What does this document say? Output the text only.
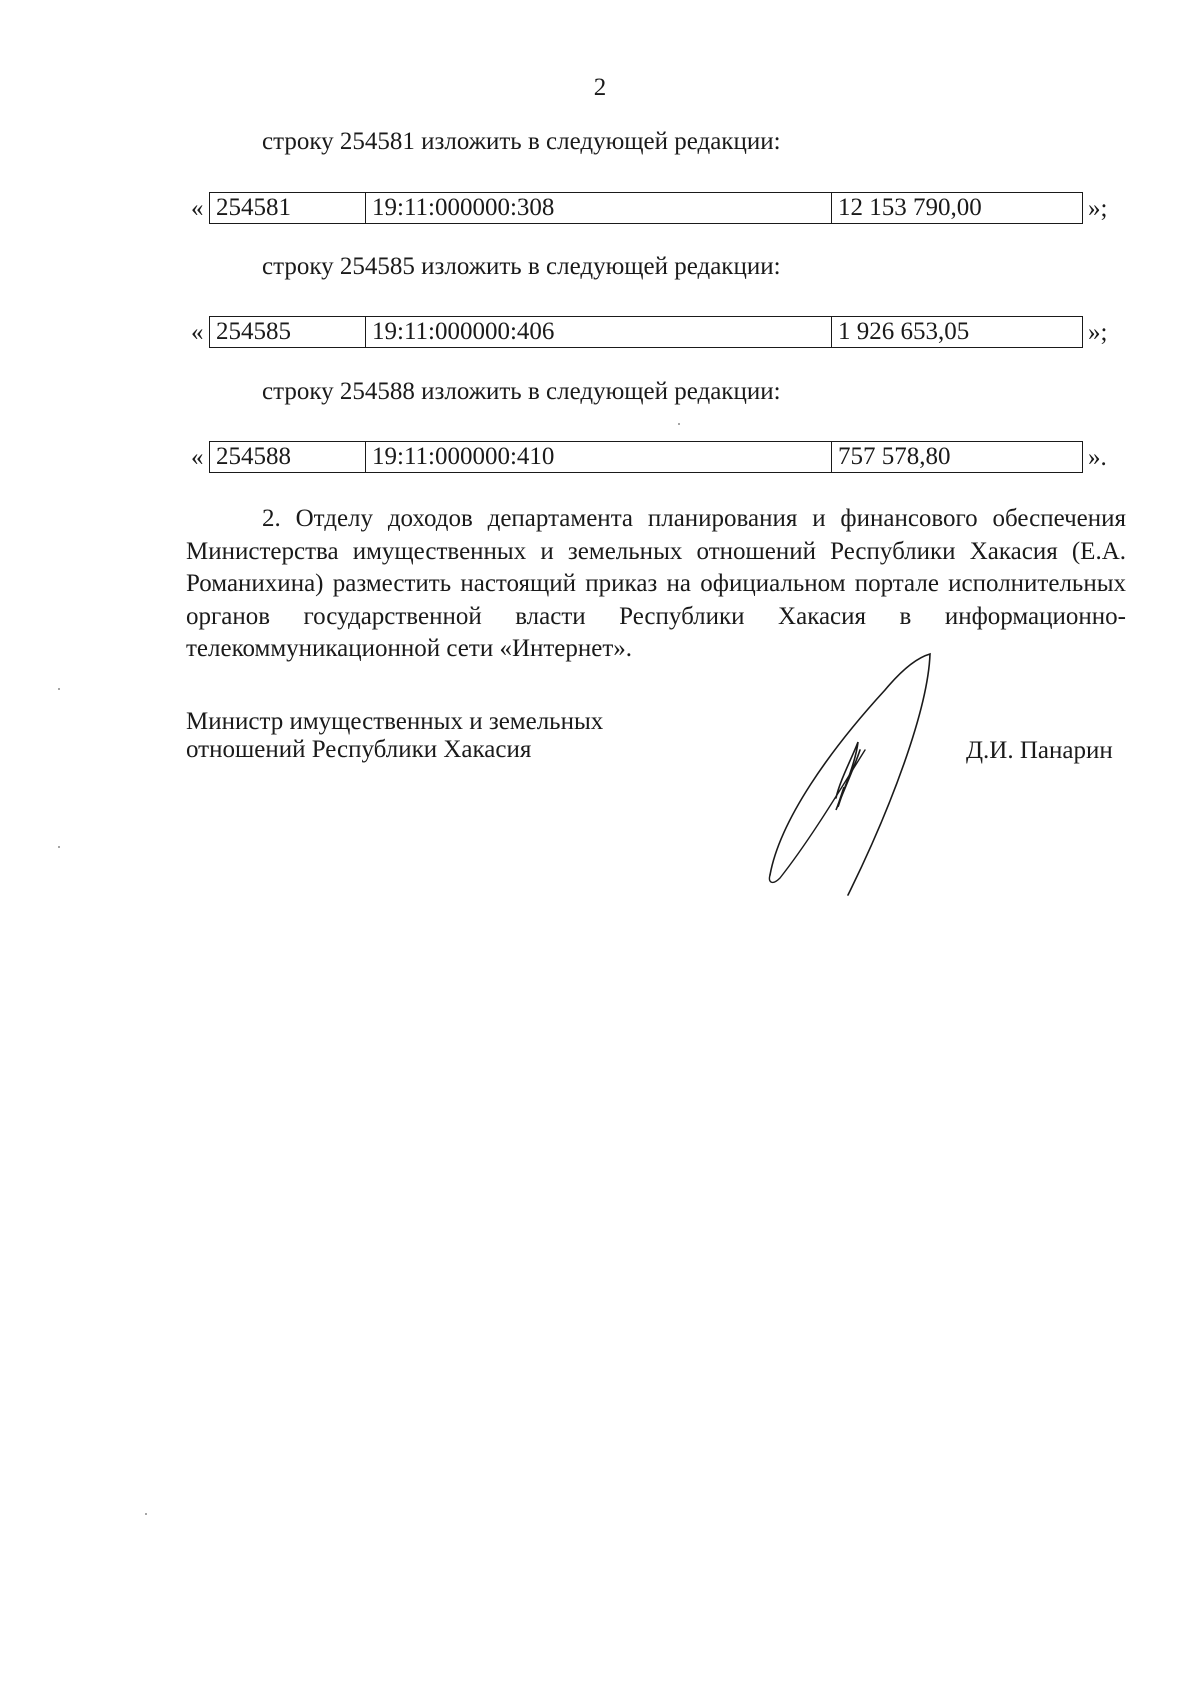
2
строку 254581 изложить в следующей редакции:
« 254581	19:11:000000:308	12 153 790,00	»;
строку 254585 изложить в следующей редакции:
« 254585	19:11:000000:406	1 926 653,05	»;
строку 254588 изложить в следующей редакции:
« 254588	19:11:000000:410	757 578,80	».
2. Отделу доходов департамента планирования и финансового обеспечения Министерства имущественных и земельных отношений Республики Хакасия (Е.А. Романихина) разместить настоящий приказ на официальном портале исполнительных органов государственной власти Республики Хакасия в информационно-телекоммуникационной сети «Интернет».
Министр имущественных и земельных
отношений Республики Хакасия	Д.И. Панарин
